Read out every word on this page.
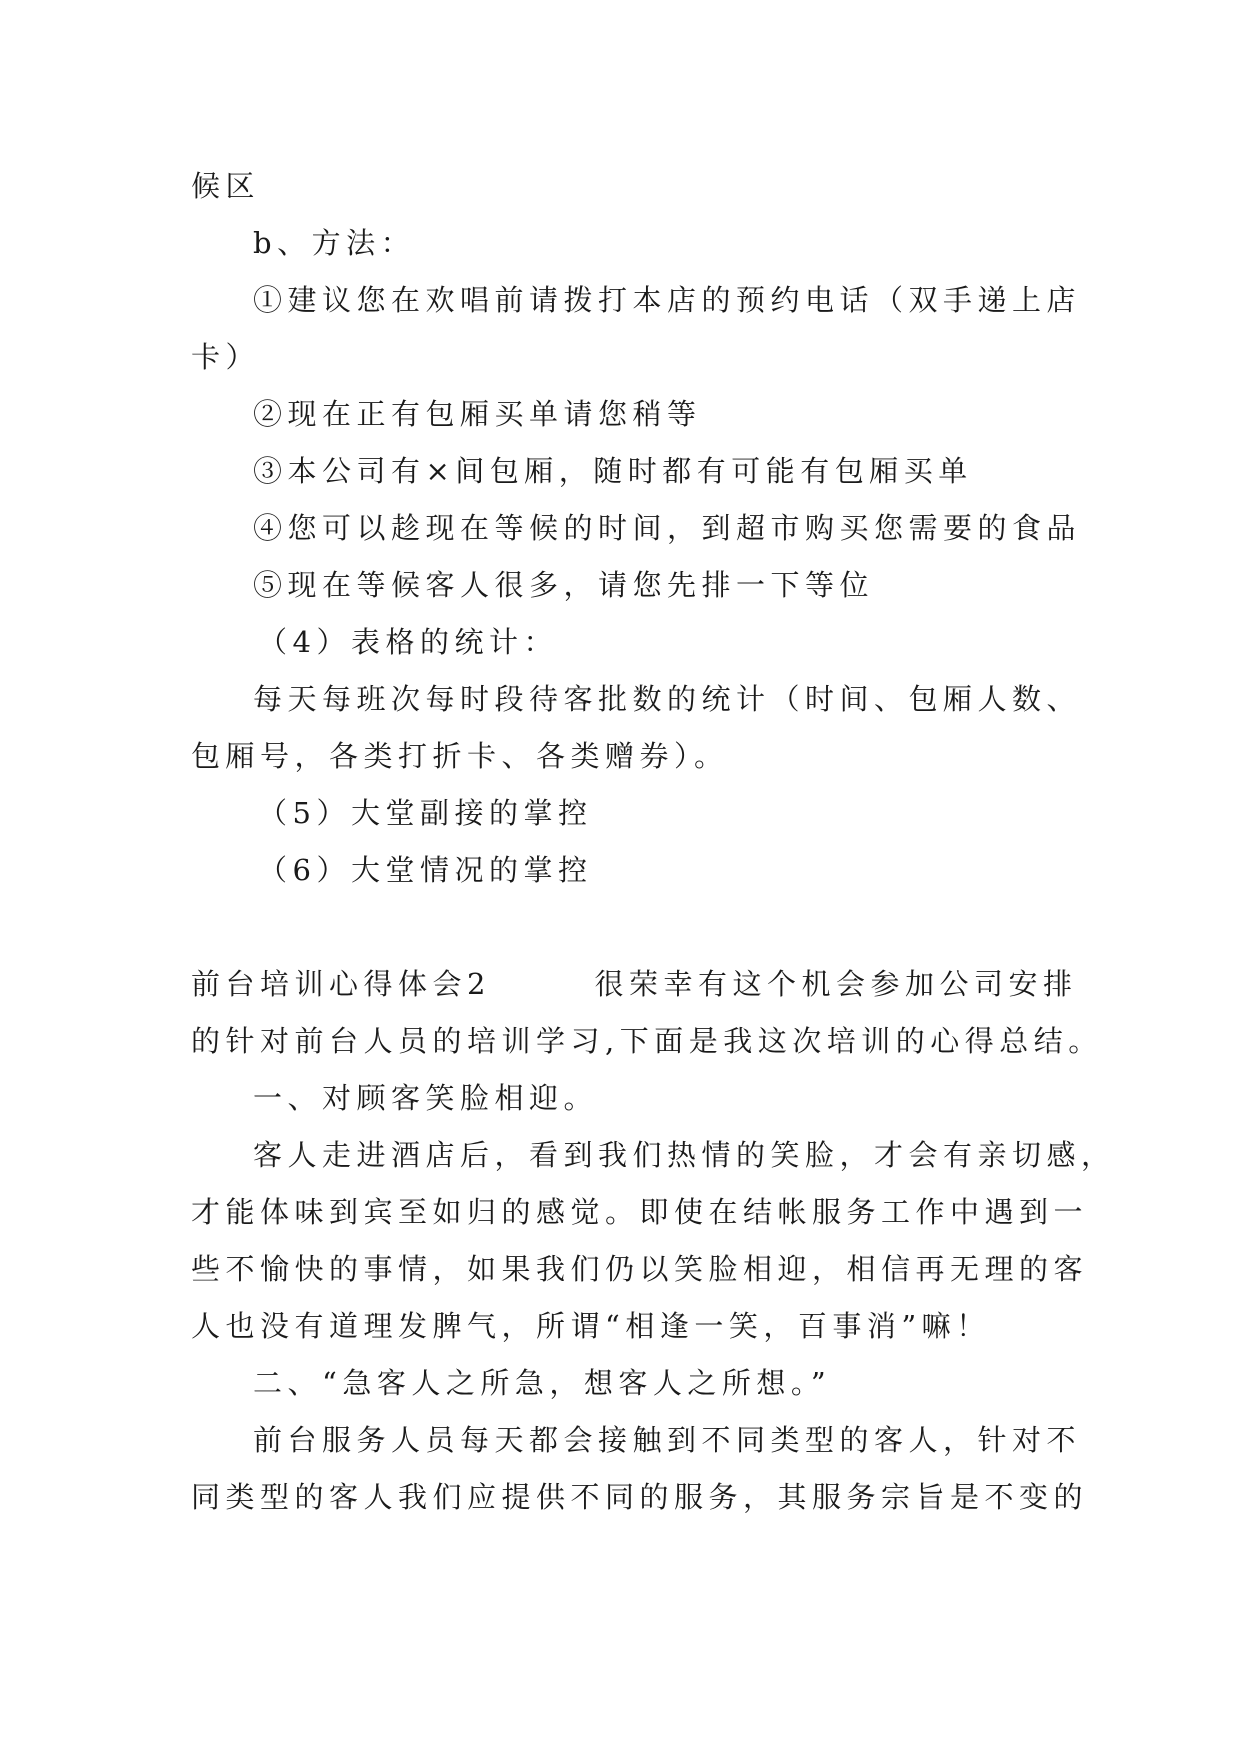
候区

b、方法：

①建议您在欢唱前请拨打本店的预约电话（双手递上店

卡）

②现在正有包厢买单请您稍等

③本公司有×间包厢，随时都有可能有包厢买单

④您可以趁现在等候的时间，到超市购买您需要的食品

⑤现在等候客人很多，请您先排一下等位

（4）表格的统计：

每天每班次每时段待客批数的统计（时间、包厢人数、

包厢号，各类打折卡、各类赠券）。

（5）大堂副接的掌控

（6）大堂情况的掌控

前台培训心得体会2　　　很荣幸有这个机会参加公司安排

的针对前台人员的培训学习,下面是我这次培训的心得总结。

一、对顾客笑脸相迎。

客人走进酒店后，看到我们热情的笑脸，才会有亲切感，

才能体味到宾至如归的感觉。即使在结帐服务工作中遇到一

些不愉快的事情，如果我们仍以笑脸相迎，相信再无理的客

人也没有道理发脾气，所谓“相逢一笑，百事消”嘛！

二、“急客人之所急，想客人之所想。”

前台服务人员每天都会接触到不同类型的客人，针对不

同类型的客人我们应提供不同的服务，其服务宗旨是不变的
